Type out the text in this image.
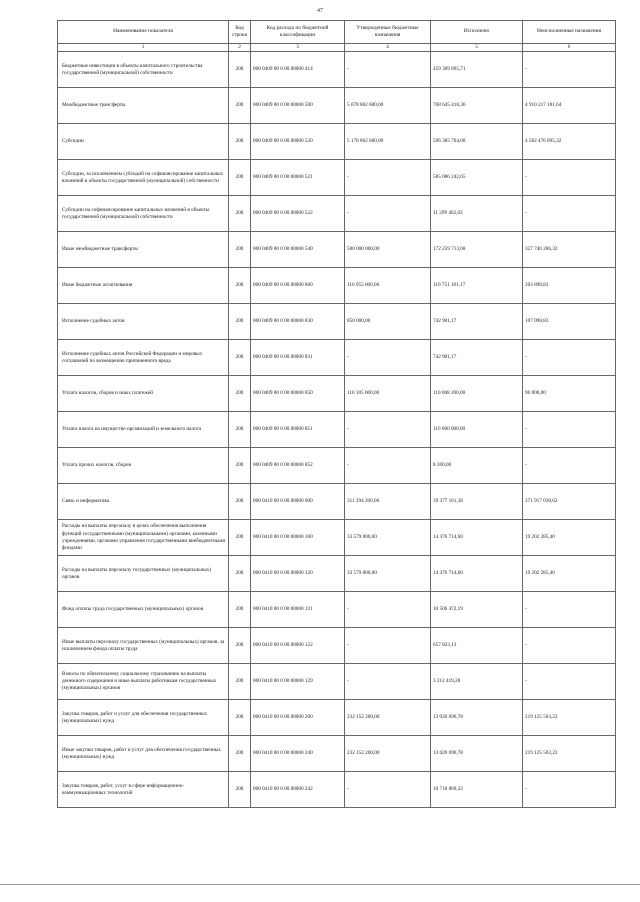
47
Наименование показателя	Код строки	Код расхода по бюджетной классификации	Утвержденные бюджетные назначения	Исполнено	Неисполненные назначения
1	2	3	4	5	6
Бюджетные инвестиции в объекты капитального строительства государственной (муниципальной) собственности	200	000 0409 00 0 00 00000 414	-	459 309 895,71	-
Межбюджетные трансферты	200	000 0409 00 0 00 00000 500	5 678 862 600,00	768 645 418,36	4 910 217 181,64
Субсидии	200	000 0409 00 0 00 00000 520	5 178 862 600,00	596 385 704,68	4 582 476 895,32
Субсидии, за исключением субсидий на софинансирование капитальных вложений в объекты государственной (муниципальной) собственности	200	000 0409 00 0 00 00000 521	-	585 086 242,65	-
Субсидии на софинансирование капитальных вложений в объекты государственной (муниципальной) собственности	200	000 0409 00 0 00 00000 522	-	11 299 462,03	-
Иные межбюджетные трансферты	200	000 0409 00 0 00 00000 540	500 000 000,00	172 259 713,68	327 740 286,32
Иные бюджетные ассигнования	200	000 0409 00 0 00 00000 800	110 955 000,00	110 751 101,17	203 898,83
Исполнение судебных актов	200	000 0409 00 0 00 00000 830	850 000,00	742 901,17	107 098,83
Исполнение судебных актов Российской Федерации и мировых соглашений по возмещению причиненного вреда	200	000 0409 00 0 00 00000 831	-	742 901,17	-
Уплата налогов, сборов и иных платежей	200	000 0409 00 0 00 00000 850	110 105 000,00	110 008 200,00	96 800,00
Уплата налога на имущество организаций и земельного налога	200	000 0409 00 0 00 00000 851	-	110 000 000,00	-
Уплата прочих налогов, сборов	200	000 0409 00 0 00 00000 852	-	8 200,00	-
Связь и информатика	200	000 0410 00 0 00 00000 000	311 294 200,00	39 377 161,38	271 917 038,62
Расходы на выплаты персоналу в целях обеспечения выполнения функций государственными (муниципальными) органами, казенными учреждениями, органами управления государственными внебюджетными фондами	200	000 0410 00 0 00 00000 100	33 579 000,00	14 376 714,60	19 202 285,40
Расходы на выплаты персоналу государственных (муниципальных) органов	200	000 0410 00 0 00 00000 120	33 579 000,00	14 376 714,60	19 202 285,40
Фонд оплаты труда государственных (муниципальных) органов	200	000 0410 00 0 00 00000 121	-	10 506 472,19	-
Иные выплаты персоналу государственных (муниципальных) органов, за исключением фонда оплаты труда	200	000 0410 00 0 00 00000 122	-	657 823,13	-
Взносы по обязательному социальному страхованию на выплаты денежного содержания и иные выплаты работникам государственных (муниципальных) органов	200	000 0410 00 0 00 00000 129	-	3 212 419,28	-
Закупка товаров, работ и услуг для обеспечения государственных (муниципальных) нужд	200	000 0410 00 0 00 00000 200	232 152 200,00	13 026 696,78	219 125 503,22
Иные закупки товаров, работ и услуг для обеспечения государственных (муниципальных) нужд	200	000 0410 00 0 00 00000 240	232 152 200,00	13 026 696,78	219 125 503,22
Закупка товаров, работ, услуг в сфере информационно-коммуникационных технологий	200	000 0410 00 0 00 00000 242	-	10 718 869,32	-
